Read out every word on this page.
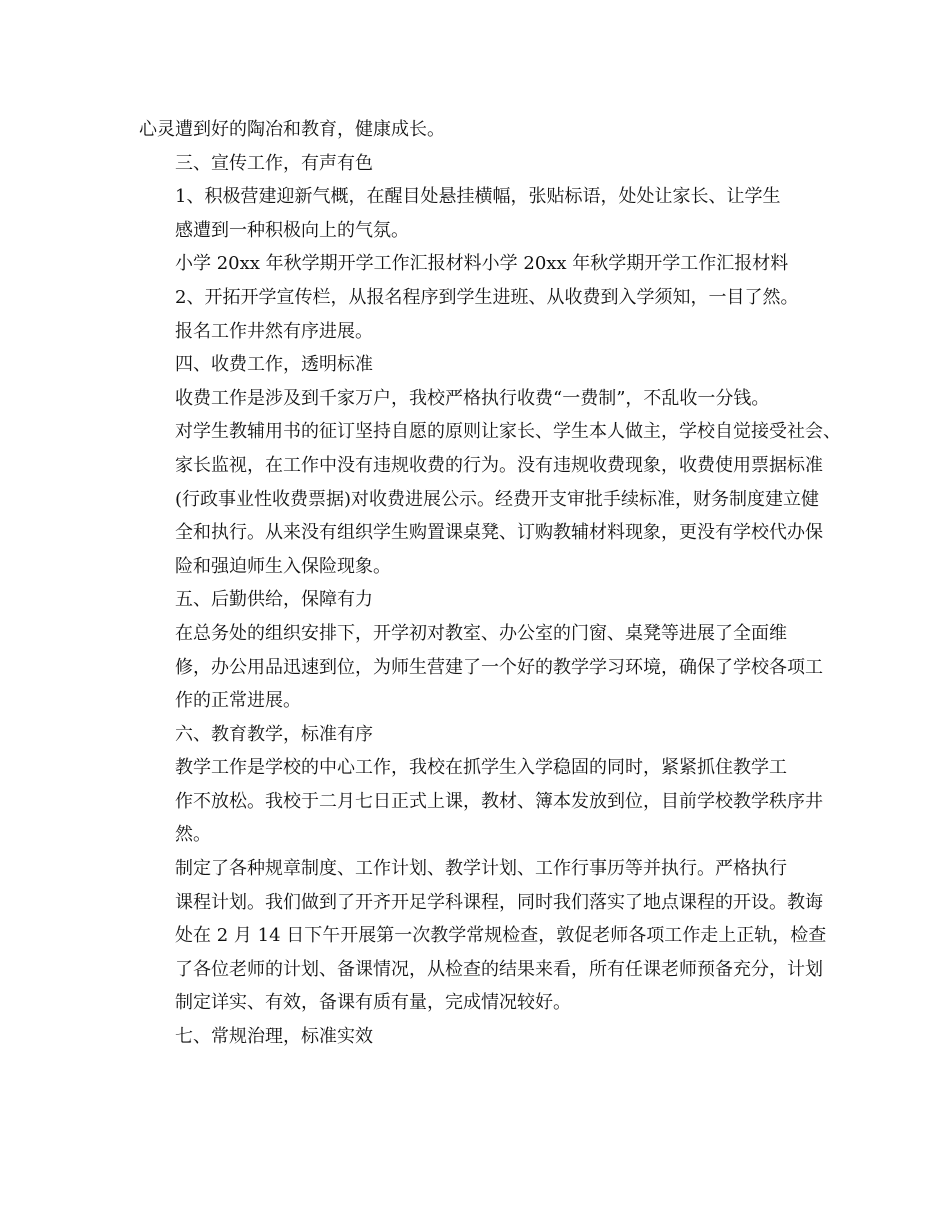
心灵遭到好的陶冶和教育，健康成长。

三、宣传工作，有声有色

1、积极营建迎新气概，在醒目处悬挂横幅，张贴标语，处处让家长、让学生
感遭到一种积极向上的气氛。

小学 20xx 年秋学期开学工作汇报材料小学 20xx 年秋学期开学工作汇报材料

2、开拓开学宣传栏，从报名程序到学生进班、从收费到入学须知，一目了然。
报名工作井然有序进展。

四、收费工作，透明标准

收费工作是涉及到千家万户，我校严格执行收费“一费制”，不乱收一分钱。
对学生教辅用书的征订坚持自愿的原则让家长、学生本人做主，学校自觉接受社会、
家长监视，在工作中没有违规收费的行为。没有违规收费现象，收费使用票据标准
(行政事业性收费票据)对收费进展公示。经费开支审批手续标准，财务制度建立健
全和执行。从来没有组织学生购置课桌凳、订购教辅材料现象，更没有学校代办保
险和强迫师生入保险现象。

五、后勤供给，保障有力

在总务处的组织安排下，开学初对教室、办公室的门窗、桌凳等进展了全面维
修，办公用品迅速到位，为师生营建了一个好的教学学习环境，确保了学校各项工
作的正常进展。

六、教育教学，标准有序

教学工作是学校的中心工作，我校在抓学生入学稳固的同时，紧紧抓住教学工
作不放松。我校于二月七日正式上课，教材、簿本发放到位，目前学校教学秩序井
然。

制定了各种规章制度、工作计划、教学计划、工作行事历等并执行。严格执行
课程计划。我们做到了开齐开足学科课程，同时我们落实了地点课程的开设。教诲
处在 2 月 14 日下午开展第一次教学常规检查，敦促老师各项工作走上正轨，检查
了各位老师的计划、备课情况，从检查的结果来看，所有任课老师预备充分，计划
制定详实、有效，备课有质有量，完成情况较好。

七、常规治理，标准实效
